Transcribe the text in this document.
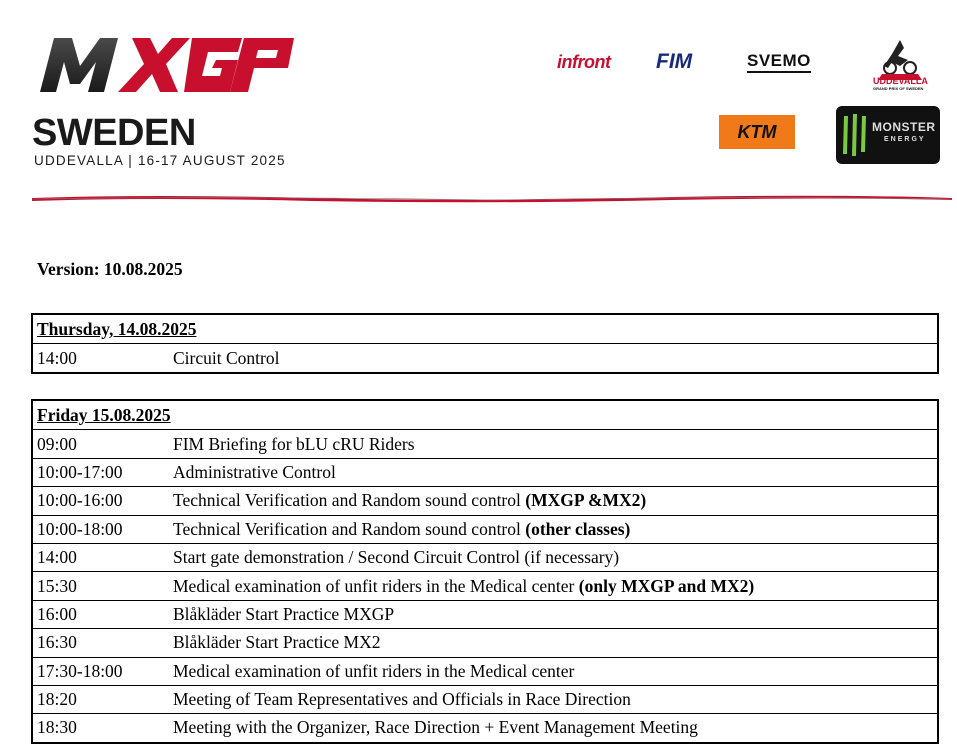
SWEDEN
UDDEVALLA | 16-17 AUGUST 2025
infront FIM	SVEMO
UDDEVALLA
GRAND PRIX OF SWEDEN
KTM	MONSTER
ENERGY
Version: 10.08.2025
Thursday, 14.08.2025
14:00	Circuit Control
Friday 15.08.2025
09:00	FIM Briefing for bLU cRU Riders
10:00-17:00	Administrative Control
10:00-16:00	Technical Verification and Random sound control (MXGP &MX2)
10:00-18:00	Technical Verification and Random sound control (other classes)
14:00	Start gate demonstration / Second Circuit Control (if necessary)
15:30	Medical examination of unfit riders in the Medical center (only MXGP and MX2)
16:00	Blåkläder Start Practice MXGP
16:30	Blåkläder Start Practice MX2
17:30-18:00	Medical examination of unfit riders in the Medical center
18:20	Meeting of Team Representatives and Officials in Race Direction
18:30	Meeting with the Organizer, Race Direction + Event Management Meeting
